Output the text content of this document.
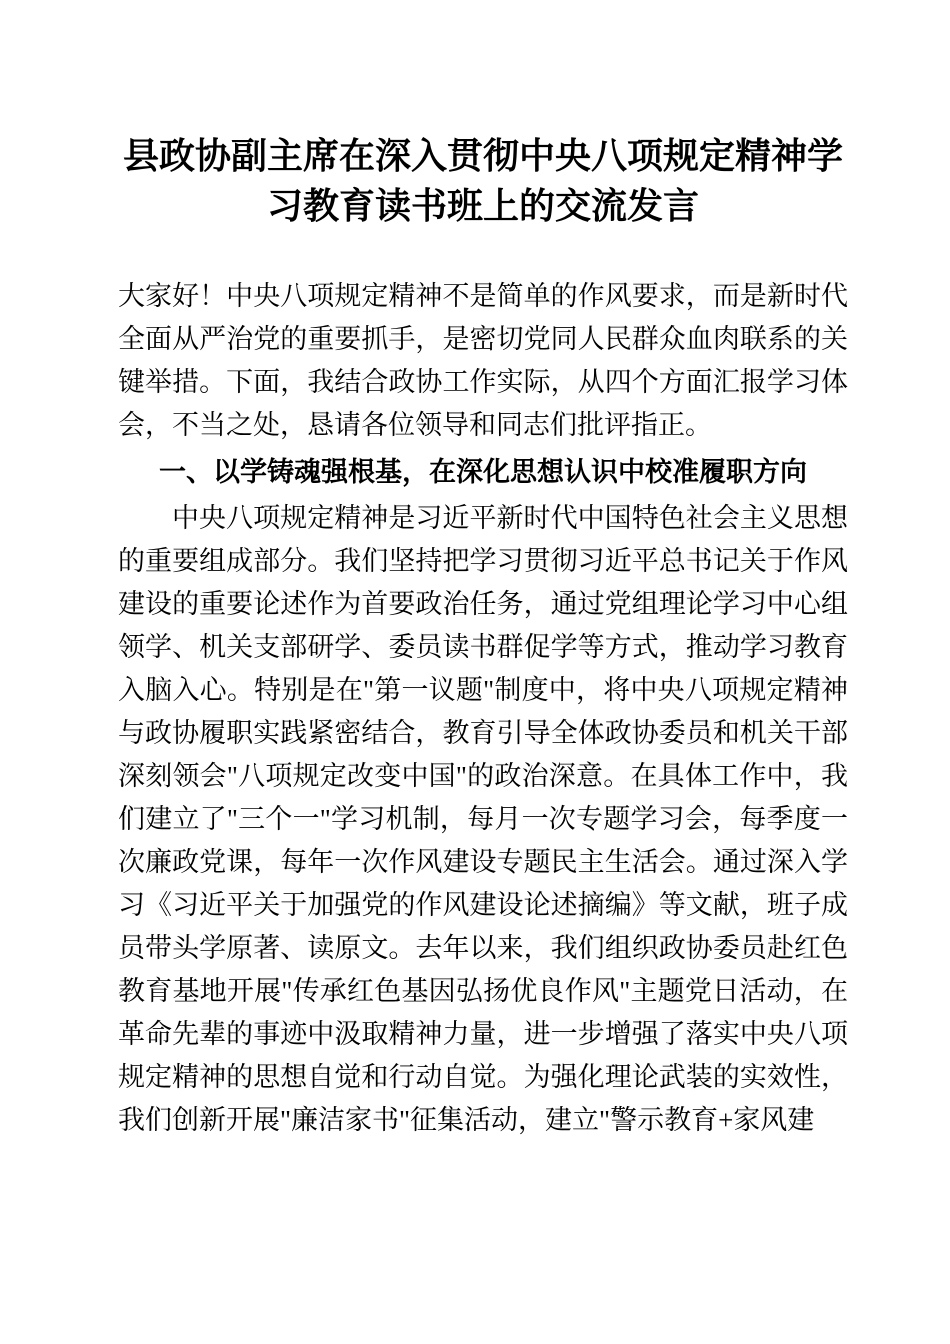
县政协副主席在深入贯彻中央八项规定精神学习教育读书班上的交流发言

大家好！中央八项规定精神不是简单的作风要求，而是新时代全面从严治党的重要抓手，是密切党同人民群众血肉联系的关键举措。下面，我结合政协工作实际，从四个方面汇报学习体会，不当之处，恳请各位领导和同志们批评指正。

一、以学铸魂强根基，在深化思想认识中校准履职方向

中央八项规定精神是习近平新时代中国特色社会主义思想的重要组成部分。我们坚持把学习贯彻习近平总书记关于作风建设的重要论述作为首要政治任务，通过党组理论学习中心组领学、机关支部研学、委员读书群促学等方式，推动学习教育入脑入心。特别是在"第一议题"制度中，将中央八项规定精神与政协履职实践紧密结合，教育引导全体政协委员和机关干部深刻领会"八项规定改变中国"的政治深意。在具体工作中，我们建立了"三个一"学习机制，每月一次专题学习会，每季度一次廉政党课，每年一次作风建设专题民主生活会。通过深入学习《习近平关于加强党的作风建设论述摘编》等文献，班子成员带头学原著、读原文。去年以来，我们组织政协委员赴红色教育基地开展"传承红色基因弘扬优良作风"主题党日活动，在革命先辈的事迹中汲取精神力量，进一步增强了落实中央八项规定精神的思想自觉和行动自觉。为强化理论武装的实效性，我们创新开展"廉洁家书"征集活动，建立"警示教育+家风建
